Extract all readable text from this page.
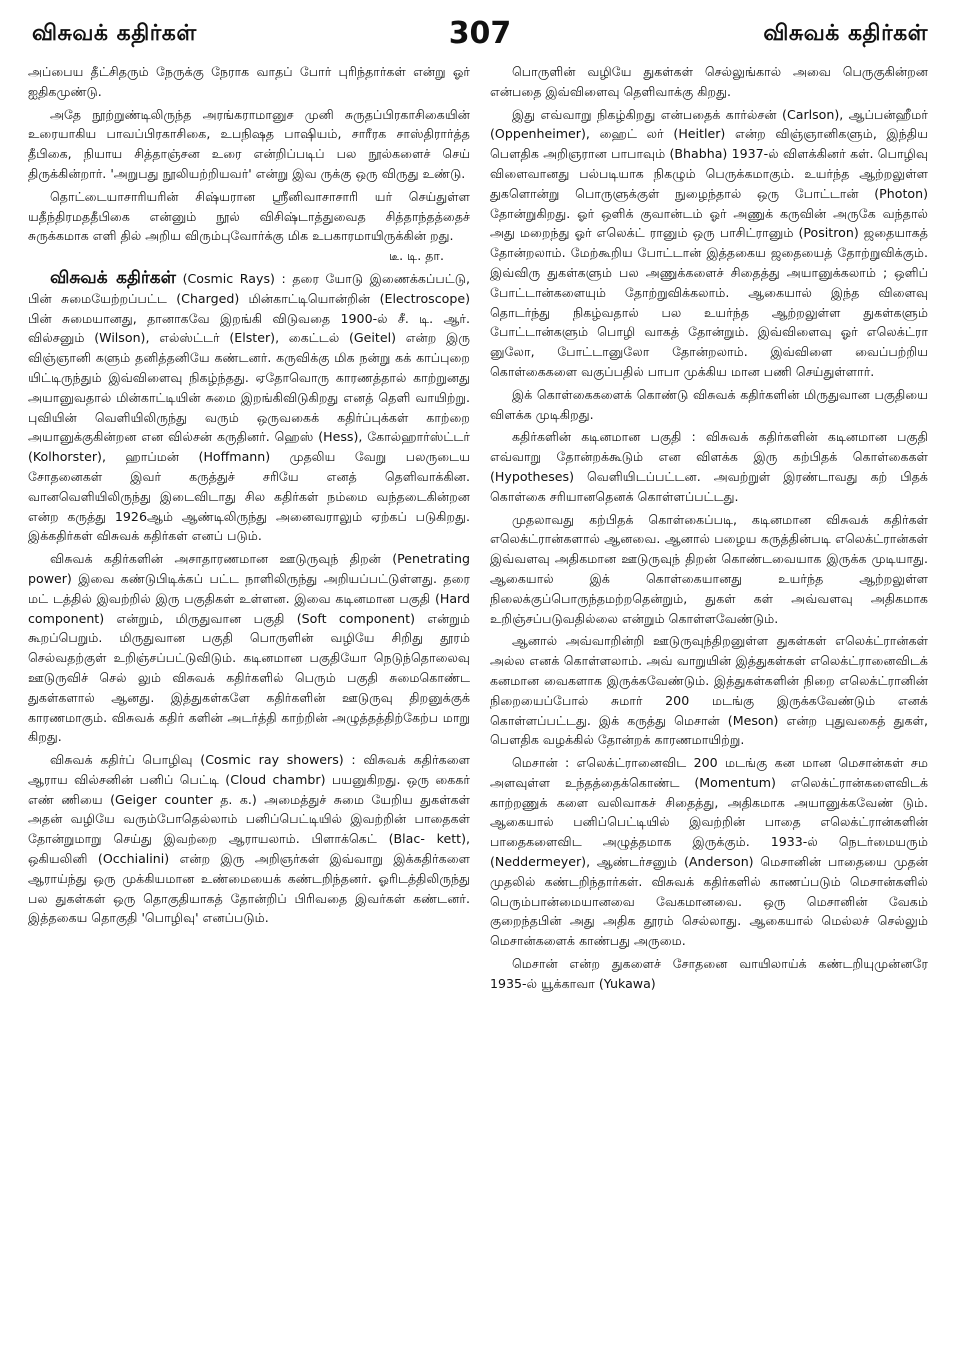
விசுவக் கதிர்கள்	307	விசுவக் கதிர்கள்

அப்பைய தீட்சிதரும் நேருக்கு நேராக வாதப் போர் புரிந்தார்கள் என்று ஓர் ஐதிகமுண்டு.

அதே நூற்றுண்டிலிருந்த அரங்கராமானுச முனி சுருதப்பிரகாசிகையின் உரையாகிய பாவப்பிரகாசிகை, உபநிஷத பாஷியம், சாரீரக சாஸ்திரார்த்த தீபிகை, நியாய சித்தாஞ்சன உரை என்றிப்படிப் பல நூல்களைச் செய் திருக்கின்றார். 'அறுபது நூலியற்றியவர்' என்று இவ ருக்கு ஒரு விருது உண்டு.

தொட்டையாசாரியரின் சிஷ்யரான ஸ்ரீனிவாசாசாரி யர் செய்துள்ள யதீந்திரமததீபிகை என்னும் நூல் விசிஷ்டாத்துவைத சித்தாந்தத்தைச் சுருக்கமாக எளி தில் அறிய விரும்புவோர்க்கு மிக உபகாரமாயிருக்கின் றது.
டீ. டி. தா.

விசுவக் கதிர்கள் (Cosmic Rays) : தரை யோடு இணைக்கப்பட்டு, பின் சுமையேற்றப்பட்ட (Charged) மின்காட்டியொன்றின் (Electroscope) பின் சுமையானது, தானாகவே இறங்கி விடுவதை 1900-ல் சீ. டி. ஆர். வில்சனும் (Wilson), எல்ஸ்ட்டர் (Elster), கைட்டல் (Geitel) என்ற இரு விஞ்ஞானி களும் தனித்தனியே கண்டனர். கருவிக்கு மிக நன்று கக் காப்புறை யிட்டிருந்தும் இவ்விளைவு நிகழ்ந்தது. ஏதோவொரு காரணத்தால் காற்றுனது அயானுவதால் மின்காட்டியின் சுமை இறங்கிவிடுகிறது எனத் தெளி வாயிற்று. புவியின் வெளியிலிருந்து வரும் ஒருவகைக் கதிர்ப்புக்கள் காற்றை அயானுக்குகின்றன என வில்சன் கருதினர். ஹெஸ் (Hess), கோல்ஹார்ஸ்ட்டர் (Kolhorster), ஹாப்மன் (Hoffmann) முதலிய வேறு பலருடைய சோதனைகள் இவர் கருத்துச் சரியே எனத் தெளிவாக்கின. வானவெளியிலிருந்து இடைவிடாது சில கதிர்கள் நம்மை வந்தடைகின்றன என்ற கருத்து 1926ஆம் ஆண்டிலிருந்து அனைவராலும் ஏற்கப் படுகிறது. இக்கதிர்கள் விசுவக் கதிர்கள் எனப் படும்.

விசுவக் கதிர்களின் அசாதாரணமான ஊடுருவுந் திறன் (Penetrating power) இவை கண்டுபிடிக்கப் பட்ட நாளிலிருந்து அறியப்பட்டுள்ளது. தரை மட் டத்தில் இவற்றில் இரு பகுதிகள் உள்ளன. இவை கடினமான பகுதி (Hard component) என்றும், மிருதுவான பகுதி (Soft component) என்றும் கூறப்பெறும். மிருதுவான பகுதி பொருளின் வழியே சிறிது தூரம் செல்வதற்குள் உறிஞ்சப்பட்டுவிடும். கடினமான பகுதியோ நெடுந்தொலைவு ஊடுருவிச் செல் லும் விசுவக் கதிர்களில் பெரும் பகுதி சுமைகொண்ட துகள்களால் ஆனது. இத்துகள்களே கதிர்களின் ஊடுருவு திறனுக்குக் காரணமாகும். விசுவக் கதிர் களின் அடர்த்தி காற்றின் அழுத்தத்திற்கேற்ப மாறு கிறது.

விசுவக் கதிர்ப் பொழிவு (Cosmic ray showers) : விசுவக் கதிர்களை ஆராய வில்சனின் பனிப் பெட்டி (Cloud chambr) பயனுகிறது. ஒரு கைகர் எண் ணியை (Geiger counter த. க.) அமைத்துச் சுமை யேறிய துகள்கள் அதன் வழியே வரும்போதெல்லாம் பனிப்பெட்டியில் இவற்றின் பாதைகள் தோன்றுமாறு செய்து இவற்றை ஆராயலாம். பிளாக்கெட் (Blac- kett), ஒகியலினி (Occhialini) என்ற இரு அறிஞர்கள் இவ்வாறு இக்கதிர்களை ஆராய்ந்து ஒரு முக்கியமான உண்மையைக் கண்டறிந்தனர். ஓரிடத்திலிருந்து பல துகள்கள் ஒரு தொகுதியாகத் தோன்றிப் பிரிவதை இவர்கள் கண்டனர். இத்தகைய தொகுதி 'பொழிவு' எனப்படும்.

பொருளின் வழியே துகள்கள் செல்லுங்கால் அவை பெருகுகின்றன என்பதை இவ்விளைவு தெளிவாக்கு கிறது.

இது எவ்வாறு நிகழ்கிறது என்பதைக் கார்ல்சன் (Carlson), ஆப்பன்ஹீமர் (Oppenheimer), ஹைட் லர் (Heitler) என்ற விஞ்ஞானிகளும், இந்திய பௌதிக அறிஞரான பாபாவும் (Bhabha) 1937-ல் விளக்கினர் கள். பொழிவு விளைவானது பல்படியாக நிகழும் பெருக்கமாகும். உயர்ந்த ஆற்றலுள்ள துகளொன்று பொருளுக்குள் நுழைந்தால் ஒரு போட்டான் (Photon) தோன்றுகிறது. ஓர் ஒளிக் குவான்டம் ஓர் அணுக் கருவின் அருகே வந்தால் அது மறைந்து ஓர் எலெக்ட் ரானும் ஒரு பாசிட்ரானும் (Positron) ஜதையாகத் தோன்றலாம். மேற்கூறிய போட்டான் இத்தகைய ஜதையைத் தோற்றுவிக்கும். இவ்விரு துகள்களும் பல அணுக்களைச் சிதைத்து அயானுக்கலாம் ; ஒளிப் போட்டான்களையும் தோற்றுவிக்கலாம். ஆகையால் இந்த விளைவு தொடர்ந்து நிகழ்வதால் பல உயர்ந்த ஆற்றலுள்ள துகள்களும் போட்டான்களும் பொழி வாகத் தோன்றும். இவ்விளைவு ஓர் எலெக்ட்ரா னுலோ, போட்டானுலோ தோன்றலாம். இவ்விளை வைப்பற்றிய கொள்கைகளை வகுப்பதில் பாபா முக்கிய மான பணி செய்துள்ளார்.

இக் கொள்கைகளைக் கொண்டு விசுவக் கதிர்களின் மிருதுவான பகுதியை விளக்க முடிகிறது.

கதிர்களின் கடினமான பகுதி : விசுவக் கதிர்களின் கடினமான பகுதி எவ்வாறு தோன்றக்கூடும் என விளக்க இரு கற்பிதக் கொள்கைகள் (Hypotheses) வெளியிடப்பட்டன. அவற்றுள் இரண்டாவது கற் பிதக் கொள்கை சரியானதெனக் கொள்ளப்பட்டது.

முதலாவது கற்பிதக் கொள்கைப்படி, கடினமான விசுவக் கதிர்கள் எலெக்ட்ரான்களால் ஆனவை. ஆனால் பழைய கருத்தின்படி எலெக்ட்ரான்கள் இவ்வளவு அதிகமான ஊடுருவுந் திறன் கொண்டவையாக இருக்க முடியாது. ஆகையால் இக் கொள்கையானது உயர்ந்த ஆற்றலுள்ள நிலைக்குப்பொருந்தமற்றதென்றும், துகள் கள் அவ்வளவு அதிகமாக உறிஞ்சப்படுவதில்லை என்றும் கொள்ளவேண்டும்.

ஆனால் அவ்வாறின்றி ஊடுருவுந்திறனுள்ள துகள்கள் எலெக்ட்ரான்கள் அல்ல எனக் கொள்ளலாம். அவ் வாறுயின் இத்துகள்கள் எலெக்ட்ரானைவிடக் கனமான வைகளாக இருக்கவேண்டும். இத்துகள்களின் நிறை எலெக்ட்ரானின் நிறையைப்போல் சுமார் 200 மடங்கு இருக்கவேண்டும் எனக் கொள்ளப்பட்டது. இக் கருத்து மெசான் (Meson) என்ற புதுவகைத் துகள், பௌதிக வழக்கில் தோன்றக் காரணமாயிற்று.

மெசான் : எலெக்ட்ரானைவிட 200 மடங்கு கன மான மெசான்கள் சம அளவுள்ள உந்தத்தைக்கொண்ட (Momentum) எலெக்ட்ரான்களைவிடக் காற்றணுக் களை வலிவாகச் சிதைத்து, அதிகமாக அயானுக்கவேண் டும். ஆகையால் பனிப்பெட்டியில் இவற்றின் பாதை எலெக்ட்ரான்களின் பாதைகளைவிட அழுத்தமாக இருக்கும். 1933-ல் நெடர்மையரும் (Neddermeyer), ஆண்டர்சனும் (Anderson) மெசானின் பாதையை முதன் முதலில் கண்டறிந்தார்கள். விசுவக் கதிர்களில் காணப்படும் மெசான்களில் பெரும்பான்மையானவை வேகமானவை. ஒரு மெசானின் வேகம் குறைந்தபின் அது அதிக தூரம் செல்லாது. ஆகையால் மெல்லச் செல்லும் மெசான்களைக் காண்பது அருமை.

மெசான் என்ற துகளைச் சோதனை வாயிலாய்க் கண்டறியுமுன்னரே 1935-ல் யூக்காவா (Yukawa)
